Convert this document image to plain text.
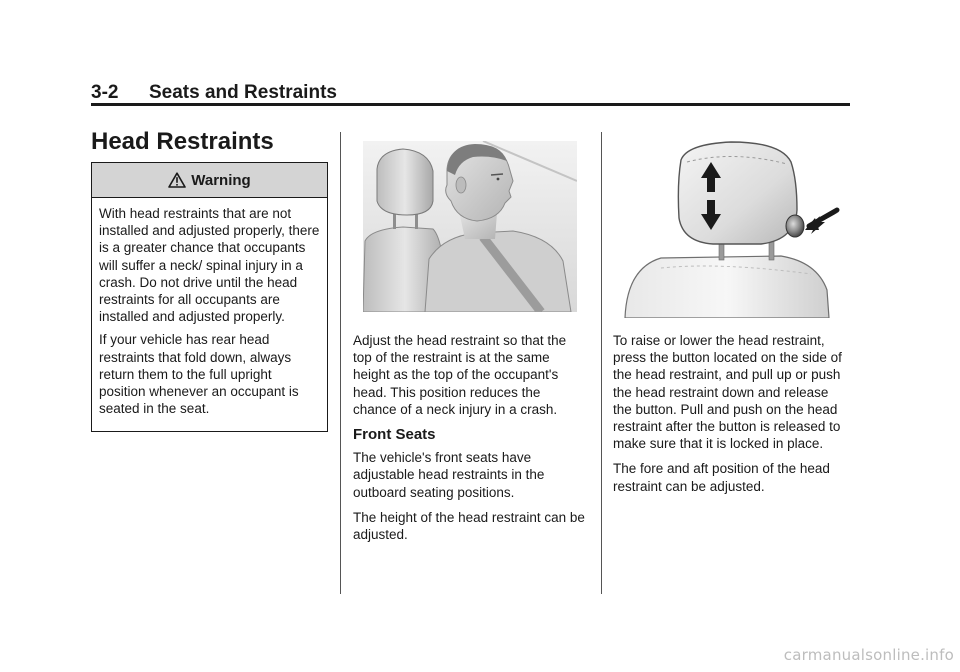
3-2 Seats and Restraints
Head Restraints
Warning

With head restraints that are not installed and adjusted properly, there is a greater chance that occupants will suffer a neck/ spinal injury in a crash. Do not drive until the head restraints for all occupants are installed and adjusted properly.

If your vehicle has rear head restraints that fold down, always return them to the full upright position whenever an occupant is seated in the seat.

Adjust the head restraint so that the top of the restraint is at the same height as the top of the occupant's head. This position reduces the chance of a neck injury in a crash.

Front Seats

The vehicle's front seats have adjustable head restraints in the outboard seating positions.

The height of the head restraint can be adjusted.

To raise or lower the head restraint, press the button located on the side of the head restraint, and pull up or push the head restraint down and release the button. Pull and push on the head restraint after the button is released to make sure that it is locked in place.

The fore and aft position of the head restraint can be adjusted.

carmanualsonline.info
